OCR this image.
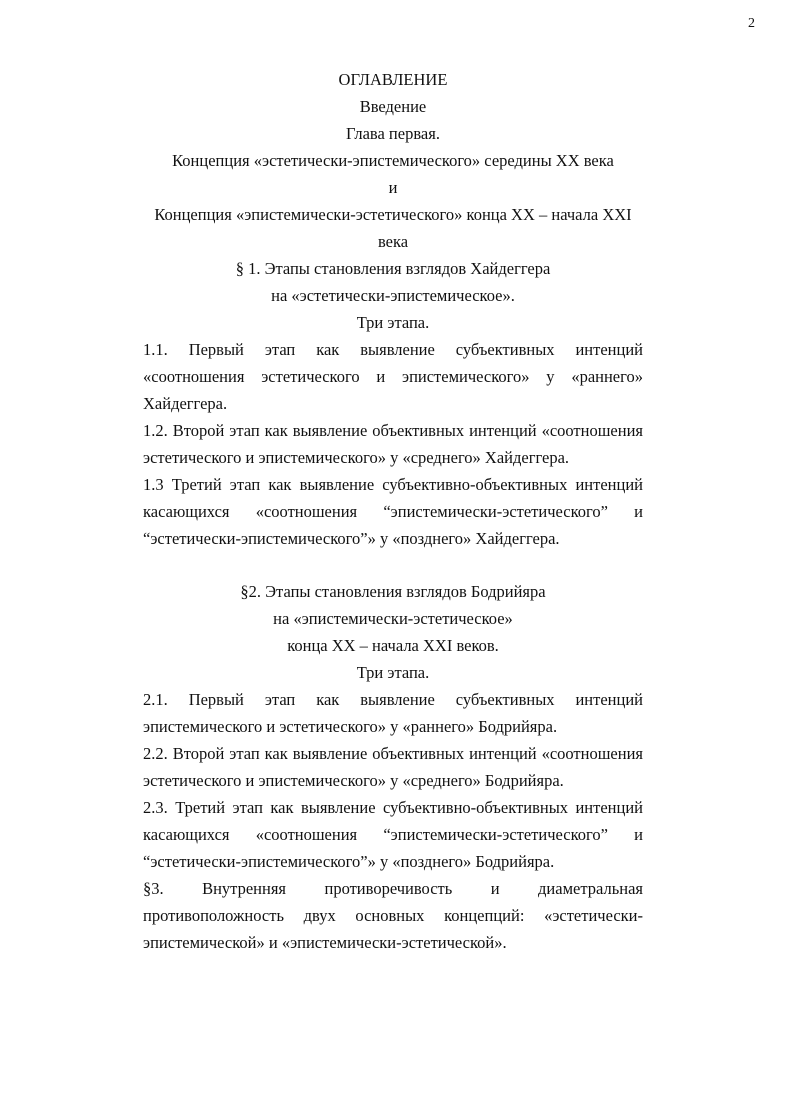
2
ОГЛАВЛЕНИЕ
Введение
Глава первая.
Концепция «эстетически-эпистемического» середины XX века
и
Концепция «эпистемически-эстетического» конца XX – начала XXI
века
§ 1. Этапы становления взглядов Хайдеггера
на «эстетически-эпистемическое».
Три этапа.
1.1. Первый этап как выявление субъективных интенций
«соотношения эстетического и эпистемического» у «раннего»
Хайдеггера.
1.2. Второй этап как выявление объективных интенций «соотношения
эстетического и эпистемического» у «среднего» Хайдеггера.
1.3 Третий этап как выявление субъективно-объективных интенций
касающихся «соотношения “эпистемически-эстетического” и
“эстетически-эпистемического”» у «позднего» Хайдеггера.
§2. Этапы становления взглядов Бодрийяра
на «эпистемически-эстетическое»
конца XX – начала XXI веков.
Три этапа.
2.1. Первый этап как выявление субъективных интенций
эпистемического и эстетического» у «раннего» Бодрийяра.
2.2. Второй этап как выявление объективных интенций «соотношения
эстетического и эпистемического» у «среднего» Бодрийяра.
2.3. Третий этап как выявление субъективно-объективных интенций
касающихся «соотношения “эпистемически-эстетического” и
“эстетически-эпистемического”» у «позднего» Бодрийяра.
§3. Внутренняя противоречивость и диаметральная
противоположность двух основных концепций: «эстетически-
эпистемической» и «эпистемически-эстетической».
